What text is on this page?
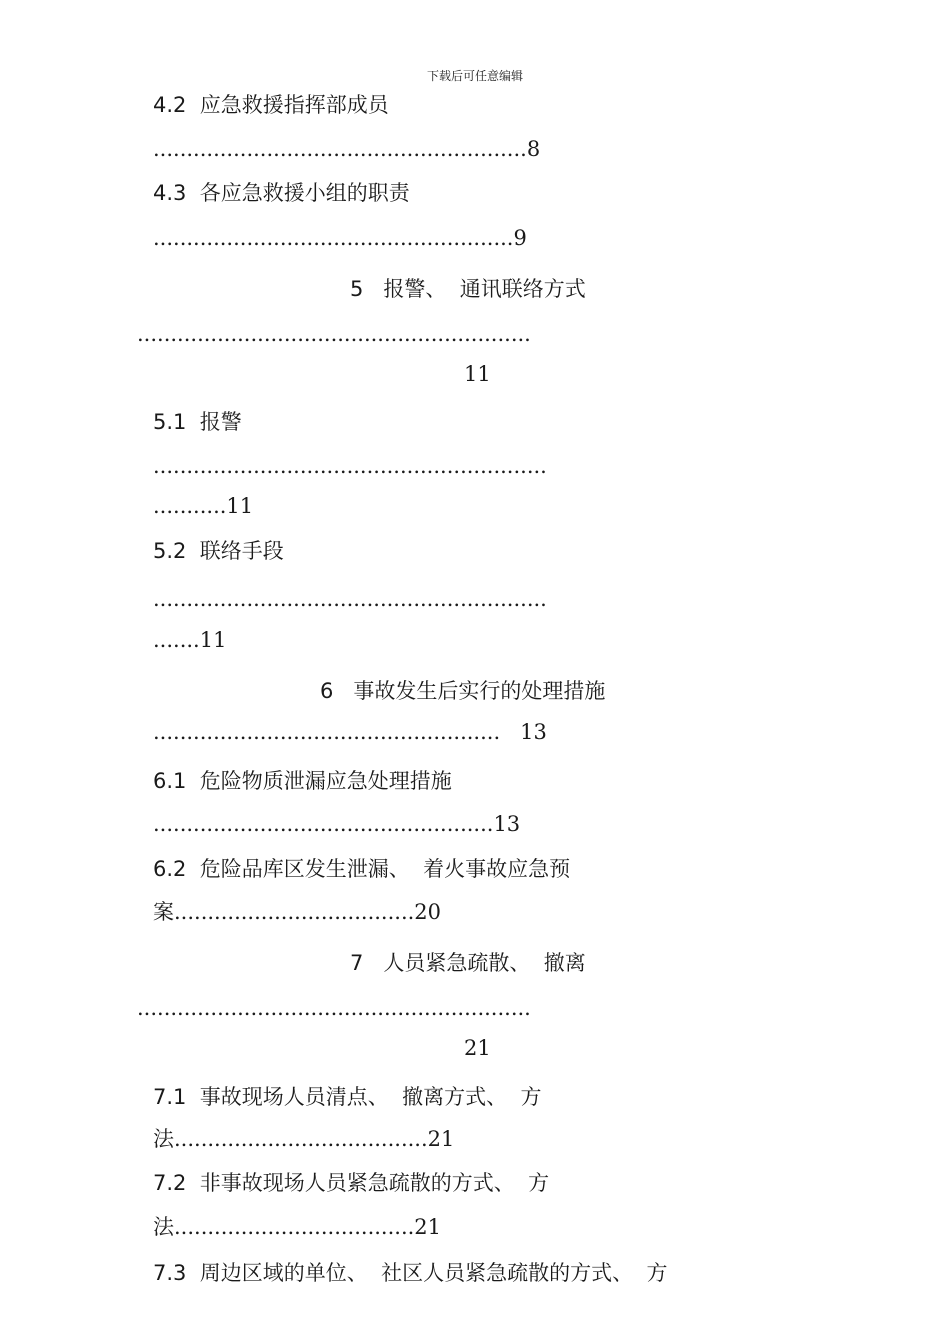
下载后可任意编辑
4.2  应急救援指挥部成员
........................................................8
4.3  各应急救援小组的职责
......................................................9
5   报警、  通讯联络方式
...........................................................
11
5.1  报警
...........................................................
...........11
5.2  联络手段
...........................................................
.......11
6   事故发生后实行的处理措施
....................................................   13
6.1  危险物质泄漏应急处理措施
...................................................13
6.2  危险品库区发生泄漏、  着火事故应急预
案....................................20
7   人员紧急疏散、  撤离
...........................................................
21
7.1  事故现场人员清点、  撤离方式、  方
法......................................21
7.2  非事故现场人员紧急疏散的方式、  方
法....................................21
7.3  周边区域的单位、  社区人员紧急疏散的方式、  方
